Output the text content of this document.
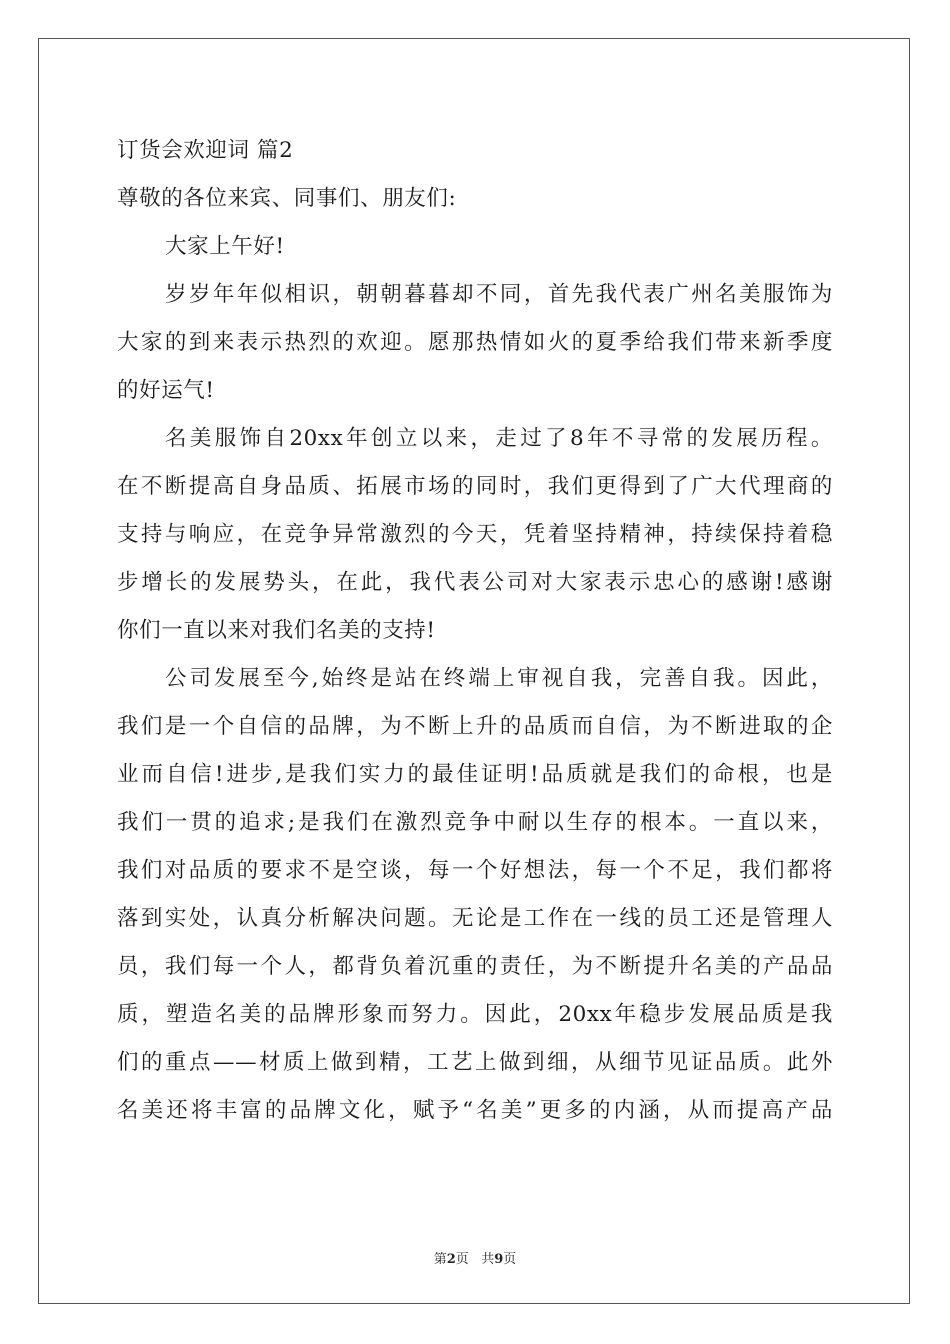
订货会欢迎词 篇2
尊敬的各位来宾、同事们、朋友们:
大家上午好!
岁岁年年似相识，朝朝暮暮却不同，首先我代表广州名美服饰为
大家的到来表示热烈的欢迎。愿那热情如火的夏季给我们带来新季度
的好运气!
名美服饰自20xx年创立以来，走过了8年不寻常的发展历程。
在不断提高自身品质、拓展市场的同时，我们更得到了广大代理商的
支持与响应，在竞争异常激烈的今天，凭着坚持精神，持续保持着稳
步增长的发展势头，在此，我代表公司对大家表示忠心的感谢!感谢
你们一直以来对我们名美的支持!
公司发展至今,始终是站在终端上审视自我，完善自我。因此，
我们是一个自信的品牌，为不断上升的品质而自信，为不断进取的企
业而自信!进步,是我们实力的最佳证明!品质就是我们的命根，也是
我们一贯的追求;是我们在激烈竞争中耐以生存的根本。一直以来，
我们对品质的要求不是空谈，每一个好想法，每一个不足，我们都将
落到实处，认真分析解决问题。无论是工作在一线的员工还是管理人
员，我们每一个人，都背负着沉重的责任，为不断提升名美的产品品
质，塑造名美的品牌形象而努力。因此，20xx年稳步发展品质是我
们的重点——材质上做到精，工艺上做到细，从细节见证品质。此外
名美还将丰富的品牌文化，赋予“名美”更多的内涵，从而提高产品
第2页 共9页
